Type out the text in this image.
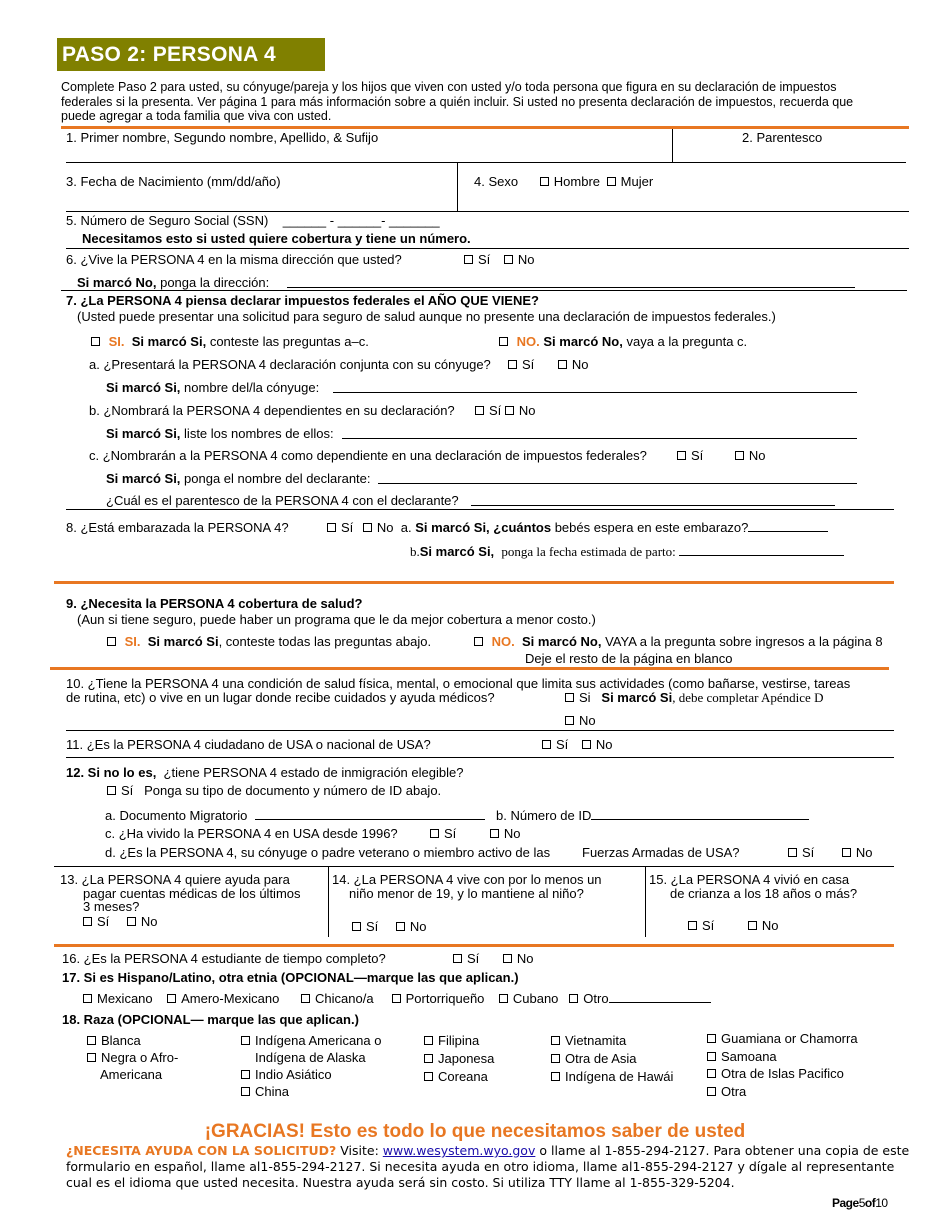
PASO 2: PERSONA 4
Complete Paso 2 para usted, su cónyuge/pareja y los hijos que viven con usted y/o toda persona que figura en su declaración de impuestos federales si la presenta. Ver página 1 para más información sobre a quién incluir. Si usted no presenta declaración de impuestos, recuerda que puede agregar a toda familia que viva con usted.
1. Primer nombre, Segundo nombre, Apellido, & Sufijo	2. Parentesco
3. Fecha de Nacimiento (mm/dd/año)	4. Sexo	Hombre Mujer
5. Número de Seguro Social (SSN) ______ - ______- _______
Necesitamos esto si usted quiere cobertura y tiene un número.
6. ¿Vive la PERSONA 4 en la misma dirección que usted?	Sí No
Si marcó No, ponga la dirección:
7. ¿La PERSONA 4 piensa declarar impuestos federales el AÑO QUE VIENE?
(Usted puede presentar una solicitud para seguro de salud aunque no presente una declaración de impuestos federales.)
SI. Si marcó Si, conteste las preguntas a–c.	NO. Si marcó No, vaya a la pregunta c.
a. ¿Presentará la PERSONA 4 declaración conjunta con su cónyuge?	Sí	No
Si marcó Si, nombre del/la cónyuge:
b. ¿Nombrará la PERSONA 4 dependientes en su declaración?	Sí No
Si marcó Si, liste los nombres de ellos:
c. ¿Nombrarán a la PERSONA 4 como dependiente en una declaración de impuestos federales?	Sí	No
Si marcó Si, ponga el nombre del declarante:
¿Cuál es el parentesco de la PERSONA 4 con el declarante?
8. ¿Está embarazada la PERSONA 4?	Sí No a. Si marcó Si, ¿cuántos bebés espera en este embarazo?
b.Si marcó Si, ponga la fecha estimada de parto:
9. ¿Necesita la PERSONA 4 cobertura de salud?
(Aun si tiene seguro, puede haber un programa que le da mejor cobertura a menor costo.)
SI. Si marcó Si, conteste todas las preguntas abajo.	NO. Si marcó No, VAYA a la pregunta sobre ingresos a la página 8
Deje el resto de la página en blanco
10. ¿Tiene la PERSONA 4 una condición de salud física, mental, o emocional que limita sus actividades (como bañarse, vestirse, tareas
de rutina, etc) o vive en un lugar donde recibe cuidados y ayuda médicos?	Si Si marcó Si, debe completar Apéndice D
No
11. ¿Es la PERSONA 4 ciudadano de USA o nacional de USA?	Sí No
12. Si no lo es, ¿tiene PERSONA 4 estado de inmigración elegible?
Sí Ponga su tipo de documento y número de ID abajo.
a. Documento Migratorio	b. Número de ID
c. ¿Ha vivido la PERSONA 4 en USA desde 1996?	Sí	No
d. ¿Es la PERSONA 4, su cónyuge o padre veterano o miembro activo de las Fuerzas Armadas de USA?	Sí	No
13. ¿La PERSONA 4 quiere ayuda para
pagar cuentas médicas de los últimos
3 meses?
Sí No
14. ¿La PERSONA 4 vive con por lo menos un
niño menor de 19, y lo mantiene al niño?
Sí No
15. ¿La PERSONA 4 vivió en casa
de crianza a los 18 años o más?
Sí	No
16. ¿Es la PERSONA 4 estudiante de tiempo completo?	Sí	No
17. Si es Hispano/Latino, otra etnia (OPCIONAL—marque las que aplican.)
Mexicano Amero-Mexicano	Chicano/a Portorriqueño Cubano Otro
18. Raza (OPCIONAL— marque las que aplican.)
Blanca
Negra o Afro-
Americana
Indígena Americana o
Indígena de Alaska
Indio Asiático
China
Filipina
Japonesa
Coreana
Vietnamita
Otra de Asia
Indígena de Hawái
Guamiana or Chamorra
Samoana
Otra de Islas Pacifico
Otra
¡GRACIAS! Esto es todo lo que necesitamos saber de usted
¿NECESITA AYUDA CON LA SOLICITUD? Visite: www.wesystem.wyo.gov o llame al 1-855-294-2127. Para obtener una copia de este formulario en español, llame al1-855-294-2127. Si necesita ayuda en otro idioma, llame al1-855-294-2127 y dígale al representante cual es el idioma que usted necesita. Nuestra ayuda será sin costo. Si utiliza TTY llame al 1-855-329-5204.
Page5of10
